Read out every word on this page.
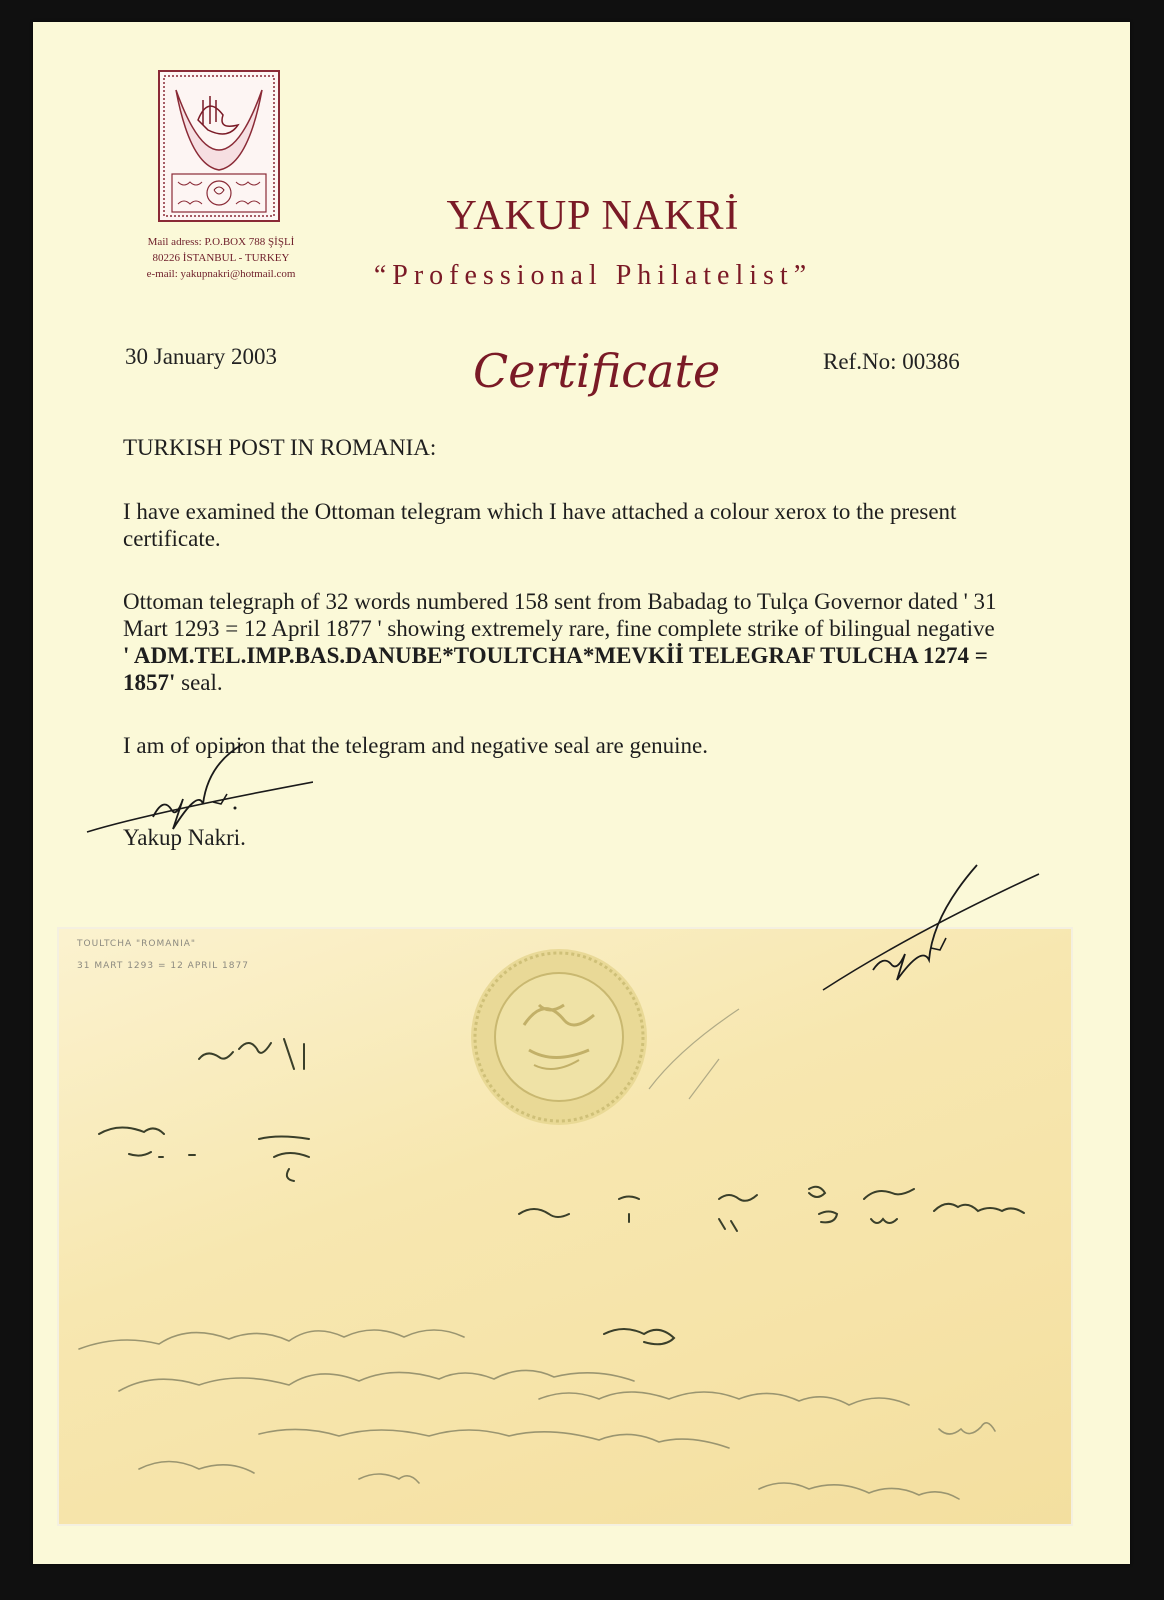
Mail adress: P.O.BOX 788 ŞİŞLİ
80226 İSTANBUL - TURKEY
e-mail: yakupnakri@hotmail.com
YAKUP NAKRİ
“Professional Philatelist”
30 January 2003	Certificate	Ref.No: 00386
TURKISH POST IN ROMANIA:
I have examined the Ottoman telegram which I have attached a colour xerox to the present certificate.
Ottoman telegraph of 32 words numbered 158 sent from Babadag to Tulça Governor dated ' 31 Mart 1293 = 12 April 1877 ' showing extremely rare, fine complete strike of bilingual negative ' ADM.TEL.IMP.BAS.DANUBE*TOULTCHA*MEVKİİ TELEGRAF TULCHA 1274 = 1857' seal.
I am of opinion that the telegram and negative seal are genuine.
Yakup Nakri.
TOULTCHA "ROMANIA"
31 MART 1293 = 12 APRIL 1877
